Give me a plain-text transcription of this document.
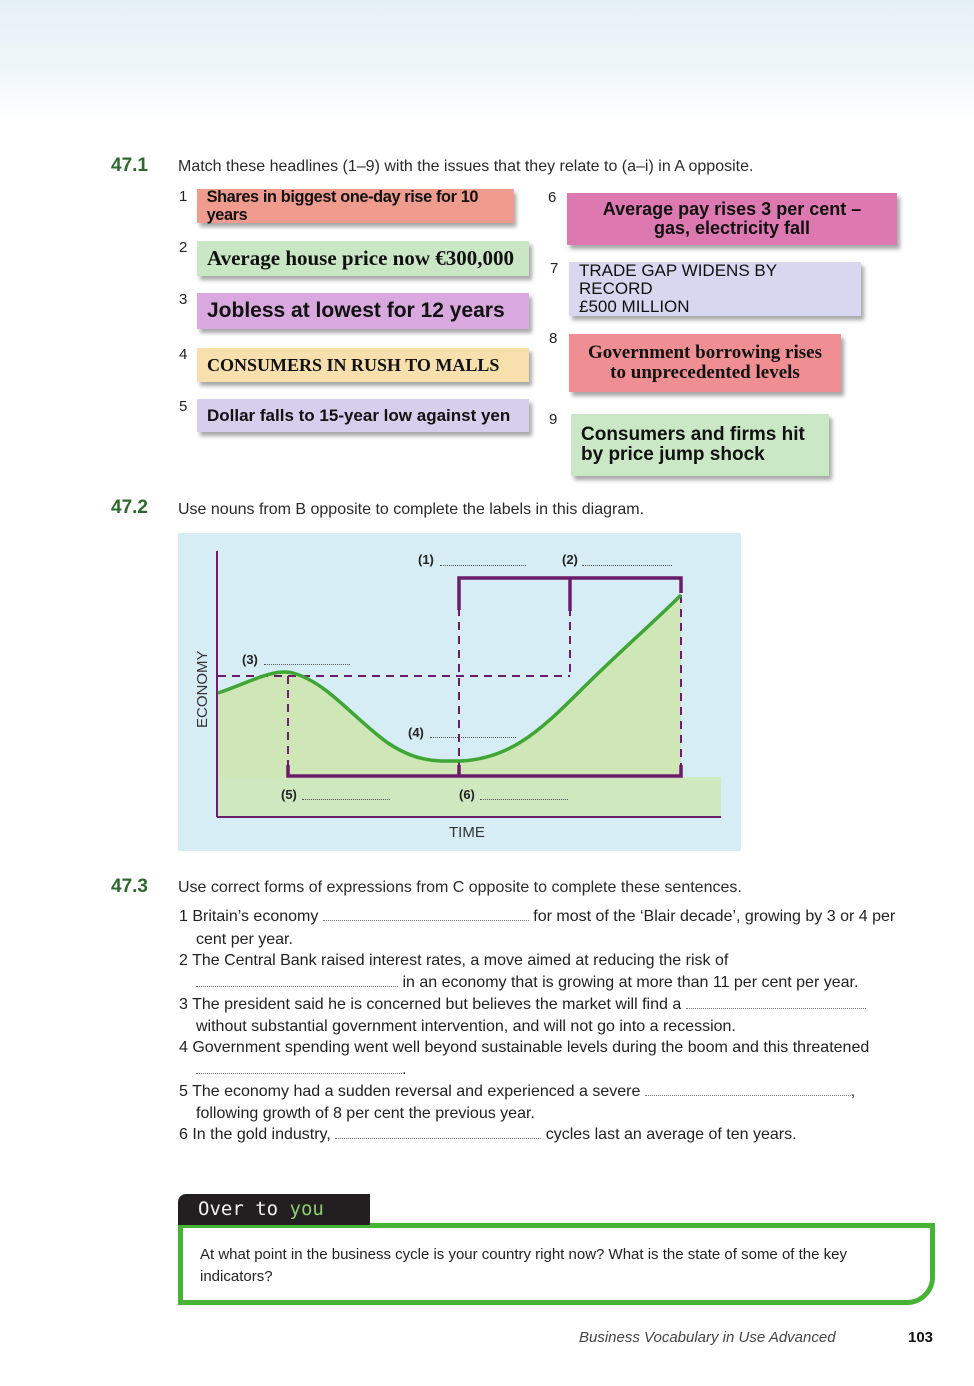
47.1 Match these headlines (1–9) with the issues that they relate to (a–i) in A opposite.
1 Shares in biggest one-day rise for 10 years
2 Average house price now €300,000
3 Jobless at lowest for 12 years
4
CONSUMERS IN RUSH TO MALLS
5 Dollar falls to 15-year low against yen
6
Average pay rises 3 per cent –
gas, electricity fall
7 TRADE GAP WIDENS BY RECORD
£500 MILLION
8
Government borrowing rises
to unprecedented levels
9
Consumers and firms hit
by price jump shock
47.2 Use nouns from B opposite to complete the labels in this diagram.
(1)	(2)
(3)
(4)
(5)	(6)
TIME
ECONOMY
47.3 Use correct forms of expressions from C opposite to complete these sentences.
1 Britain’s economy	for most of the ‘Blair decade’, growing by 3 or 4 per
cent per year.
2 The Central Bank raised interest rates, a move aimed at reducing the risk of
in an economy that is growing at more than 11 per cent per year.
3 The president said he is concerned but believes the market will find a
without substantial government intervention, and will not go into a recession.
4 Government spending went well beyond sustainable levels during the boom and this threatened
.
5 The economy had a sudden reversal and experienced a severe	,
following growth of 8 per cent the previous year.
6 In the gold industry,	cycles last an average of ten years.
At what point in the business cycle is your country right now? What is the state of some of the key indicators?
Over to you
Business Vocabulary in Use Advanced	103
